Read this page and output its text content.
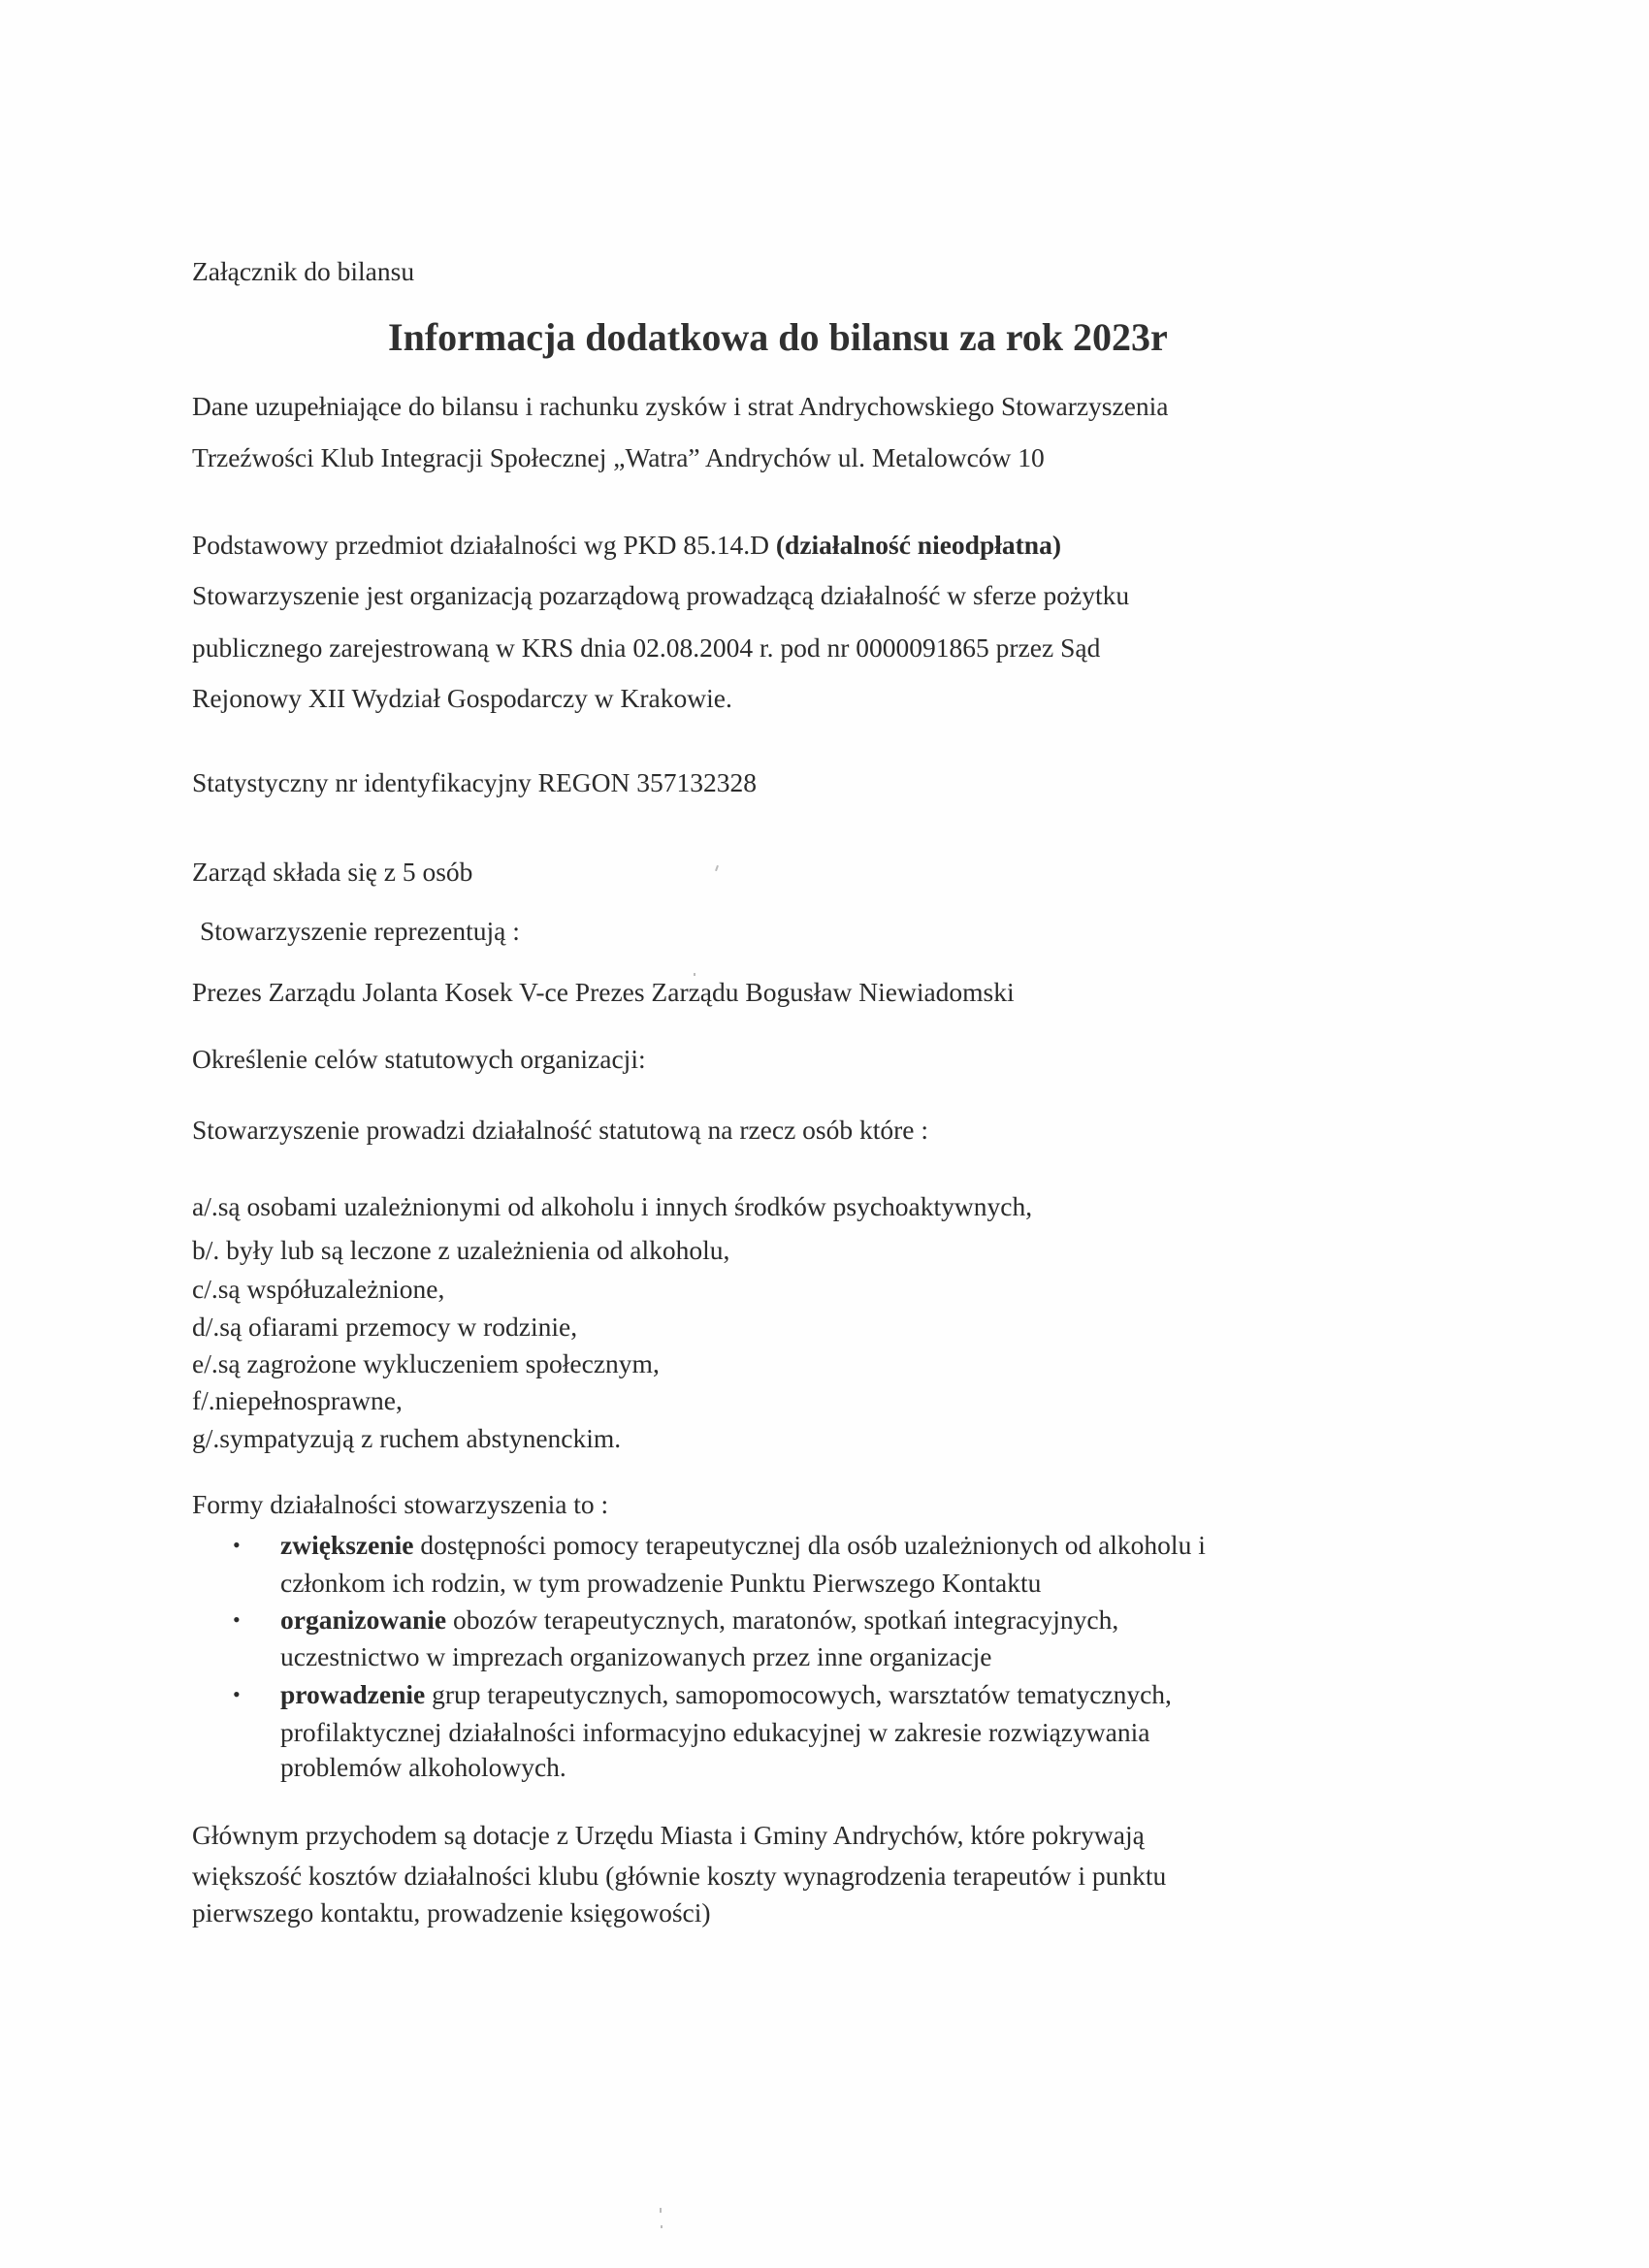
Załącznik do bilansu
Informacja dodatkowa do bilansu za rok 2023r
Dane uzupełniające do bilansu i rachunku zysków i strat Andrychowskiego Stowarzyszenia
Trzeźwości Klub Integracji Społecznej „Watra” Andrychów ul. Metalowców 10
Podstawowy przedmiot działalności wg PKD 85.14.D (działalność nieodpłatna)
Stowarzyszenie jest organizacją pozarządową prowadzącą działalność w sferze pożytku
publicznego zarejestrowaną w KRS dnia 02.08.2004 r. pod nr 0000091865 przez Sąd
Rejonowy XII Wydział Gospodarczy w Krakowie.
Statystyczny nr identyfikacyjny REGON 357132328
Zarząd składa się z 5 osób
Stowarzyszenie reprezentują :
Prezes Zarządu Jolanta Kosek V-ce Prezes Zarządu Bogusław Niewiadomski
Określenie celów statutowych organizacji:
Stowarzyszenie prowadzi działalność statutową na rzecz osób które :
a/.są osobami uzależnionymi od alkoholu i innych środków psychoaktywnych,
b/. były lub są leczone z uzależnienia od alkoholu,
c/.są współuzależnione,
d/.są ofiarami przemocy w rodzinie,
e/.są zagrożone wykluczeniem społecznym,
f/.niepełnosprawne,
g/.sympatyzują z ruchem abstynenckim.
Formy działalności stowarzyszenia to :
• zwiększenie dostępności pomocy terapeutycznej dla osób uzależnionych od alkoholu i
członkom ich rodzin, w tym prowadzenie Punktu Pierwszego Kontaktu
• organizowanie obozów terapeutycznych, maratonów, spotkań integracyjnych,
uczestnictwo w imprezach organizowanych przez inne organizacje
• prowadzenie grup terapeutycznych, samopomocowych, warsztatów tematycznych,
profilaktycznej działalności informacyjno edukacyjnej w zakresie rozwiązywania
problemów alkoholowych.
Głównym przychodem są dotacje z Urzędu Miasta i Gminy Andrychów, które pokrywają
większość kosztów działalności klubu (głównie koszty wynagrodzenia terapeutów i punktu
pierwszego kontaktu, prowadzenie księgowości)
